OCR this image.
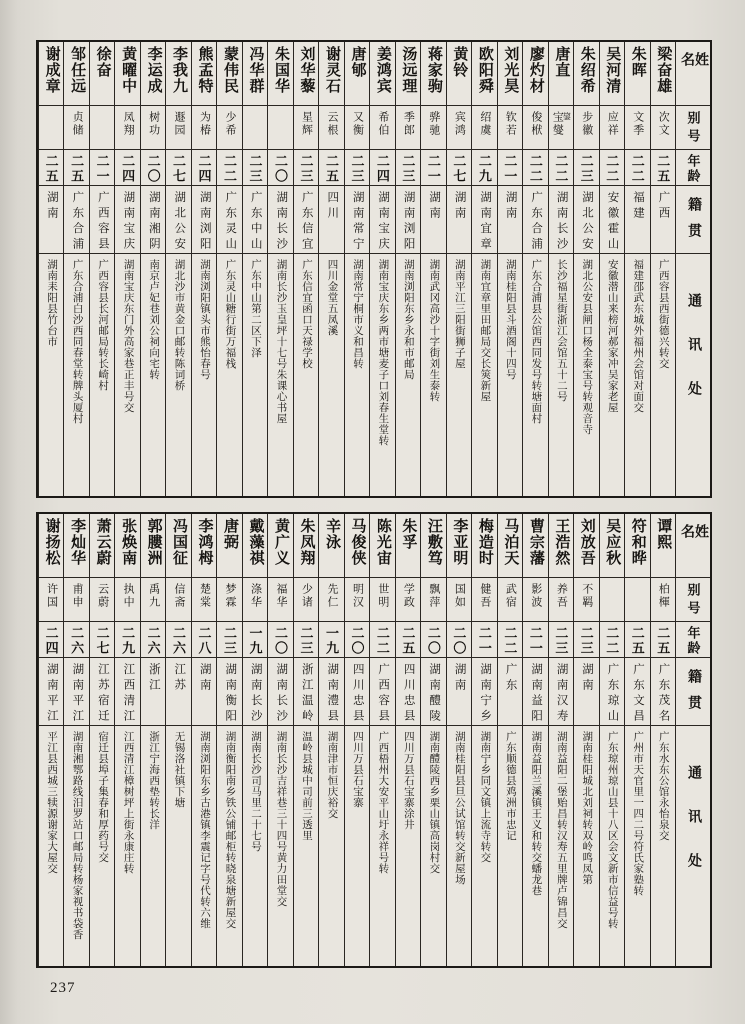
姓名
别号
年龄
籍贯
通讯处
梁奋雄
次文
二五
广西
广西容县西街德兴转交
朱晖
文季
二二
福建
福建邵武东城外福州会馆对面交
吴河清
应祥
二二
安徽霍山
安徽潜山来榜河郝家冲吴家老屋
朱绍希
步徽
二三
湖北公安
湖北公安县闸口杨全泰宝号转观音寺
唐直
宝燮 鋆
二二
湖南长沙
长沙福星街浙江会馆五十二号
廖灼材
俊栿
二二
广东合浦
广东合浦县公馆西同发号转塘面村
刘光昊
钦若
二一
湖南
湖南桂阳县斗酒阁十四号
欧阳舜
绍虞
二九
湖南宜章
湖南宜章里田邮局交长筴新屋
黄铃
宾鸿
二七
湖南
湖南平江三阳街狮子屋
蒋家驹
骅驰
二一
湖南
湖南武冈高沙十字街刘生泰转
汤远理
季郎
二三
湖南浏阳
湖南浏阳东乡永和市邮局
姜鸿宾
希伯
二四
湖南宝庆
湖南宝庆东乡两市塘麦子口刘春生堂转
唐郇
又衡
二三
湖南常宁
湖南常宁桐市义和昌转
谢灵石
云根
二五
四川
四川金堂五凤溪
刘华藜
星辉
二三
广东信宜
广东信宜函口天禄学校
朱国华
二〇
湖南长沙
湖南长沙玉皇坪十七号朱课心书屋
冯华群
二三
广东中山
广东中山第二区下泽
蒙伟民
少希
二二
广东灵山
广东灵山糖行街万福栈
熊孟特
为椿
二四
湖南浏阳
湖南浏阳镇头市熊怡春号
李我九
遯园
二七
湖北公安
湖北沙市黄金口邮转陈词桥
李运成
树功
二〇
湖南湘阴
南京卢妃巷刘公祠向宅转
黄曜中
凤翔
二四
湖南宝庆
湖南宝庆东门外高家巷正丰号交
徐奋
二一
广西容县
广西容县长河邮局转长崎村
邹任远
贞储
二五
广东合浦
广东合浦白沙西同春堂转牌头厦村
谢成章
二五
湖南
湖南耒阳县竹台市
姓名
别号
年龄
籍贯
通讯处
谭熙
柏楎
二五
广东茂名
广东水东公馆永怡泉交
符和晔
二五
广东文昌
广州市天官里一四二号符氏家塾转
吴应秋
二二
广东琼山
广东琼州琼山县十八区会文新市信益号转
刘放吾
不羁
二三
湖南
湖南桂阳城北刘祠转双岭鸣凤第
王浩然
养吾
二三
湖南汉寿
湖南益阳二堡贻昌转汉寿五里牌卢锦昌交
曹宗藩
影波
二一
湖南益阳
湖南益阳兰溪镇王义和转交蟠龙巷
马泊天
武宿
二二
广东
广东顺德县鸡洲市忠记
梅造时
健吾
二一
湖南宁乡
湖南宁乡同文镇上流寺转交
李亚明
国如
二〇
湖南
湖南桂阳县旦公试馆转交新屋场
汪敷笃
飘萍
二〇
湖南醴陵
湖南醴陵西乡栗山镇高岗村交
朱孚
学政
二五
四川忠县
四川万县石宝寨涂井
陈光宙
世明
二二
广西容县
广西梧州大安平山圩永祥号转
马俊侠
明汉
二〇
四川忠县
四川万县石宝寨
辛泳
先仁
一九
湖南澧县
湖南津市恒庆裕交
朱凤翔
少诸
二三
浙江温岭
温岭县城中司前三透里
黄广义
福华
二〇
湖南长沙
湖南长沙吉祥巷三十四号黄力田堂交
戴藻祺
涤华
一九
湖南长沙
湖南长沙司马里二十七号
唐弼
梦霖
二三
湖南衡阳
湖南衡阳南乡铁公铺邮柜转晓泉塘新屋交
李鸿栂
楚棠
二八
湖南
湖南浏阳东乡古港镇李震记字号代转六维
冯国征
信斋
二六
江苏
无锡洛社镇下塘
郭膢洲
禹九
二六
浙江
浙江宁海西垫转长洋
张焕南
执中
二九
江西清江
江西清江樟树坪上街永康庄转
萧云蔚
云蔚
二七
江苏宿迁
宿迁县埠子集春和厚药号交
李灿华
甫申
二六
湖南平江
湖南湘鄂路线汨罗站口邮局转杨家视书袋香
谢扬松
许国
二四
湖南平江
平江县西城三犊源谢家大屋交
237
